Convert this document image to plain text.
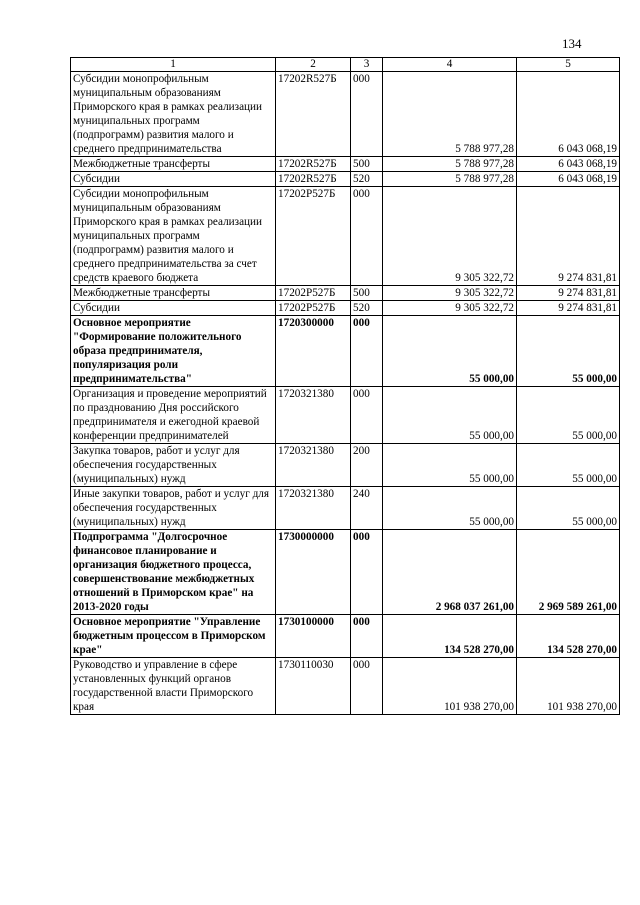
134
1	2	3	4	5
Субсидии монопрофильным муниципальным образованиям Приморского края в рамках реализации муниципальных программ (подпрограмм) развития малого и среднего предпринимательства	17202R527Б	000	5 788 977,28	6 043 068,19
Межбюджетные трансферты	17202R527Б	500	5 788 977,28	6 043 068,19
Субсидии	17202R527Б	520	5 788 977,28	6 043 068,19
Субсидии монопрофильным муниципальным образованиям Приморского края в рамках реализации муниципальных программ (подпрограмм) развития малого и среднего предпринимательства за счет средств краевого бюджета	17202Р527Б	000	9 305 322,72	9 274 831,81
Межбюджетные трансферты	17202Р527Б	500	9 305 322,72	9 274 831,81
Субсидии	17202Р527Б	520	9 305 322,72	9 274 831,81
Основное мероприятие "Формирование положительного образа предпринимателя, популяризация роли предпринимательства"	1720300000	000	55 000,00	55 000,00
Организация и проведение мероприятий по празднованию Дня российского предпринимателя и ежегодной краевой конференции предпринимателей	1720321380	000	55 000,00	55 000,00
Закупка товаров, работ и услуг для обеспечения государственных (муниципальных) нужд	1720321380	200	55 000,00	55 000,00
Иные закупки товаров, работ и услуг для обеспечения государственных (муниципальных) нужд	1720321380	240	55 000,00	55 000,00
Подпрограмма "Долгосрочное финансовое планирование и организация бюджетного процесса, совершенствование межбюджетных отношений в Приморском крае" на 2013-2020 годы	1730000000	000	2 968 037 261,00	2 969 589 261,00
Основное мероприятие "Управление бюджетным процессом в Приморском крае"	1730100000	000	134 528 270,00	134 528 270,00
Руководство и управление в сфере установленных функций органов государственной власти Приморского края	1730110030	000	101 938 270,00	101 938 270,00
